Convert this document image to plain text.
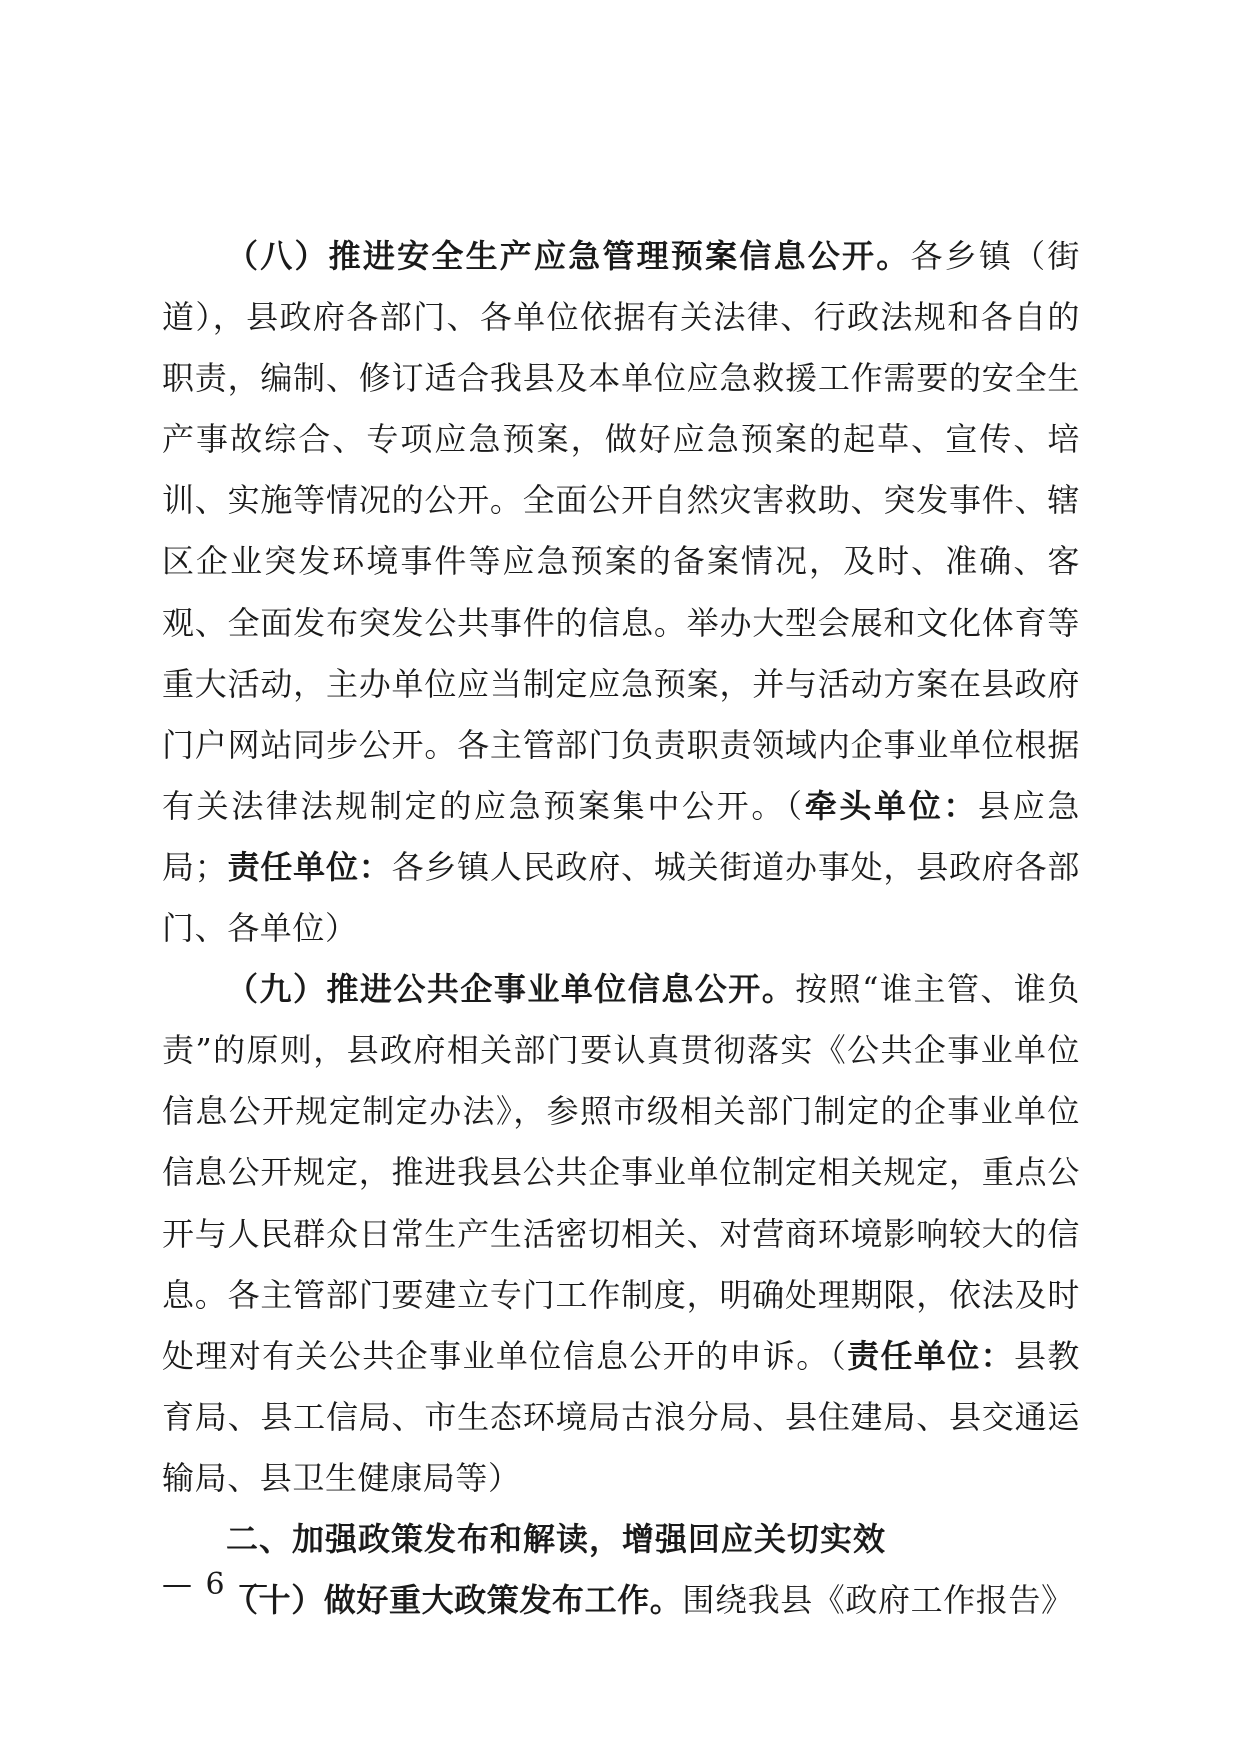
（八）推进安全生产应急管理预案信息公开。各乡镇（街道），县政府各部门、各单位依据有关法律、行政法规和各自的职责，编制、修订适合我县及本单位应急救援工作需要的安全生产事故综合、专项应急预案，做好应急预案的起草、宣传、培训、实施等情况的公开。全面公开自然灾害救助、突发事件、辖区企业突发环境事件等应急预案的备案情况，及时、准确、客观、全面发布突发公共事件的信息。举办大型会展和文化体育等重大活动，主办单位应当制定应急预案，并与活动方案在县政府门户网站同步公开。各主管部门负责职责领域内企事业单位根据有关法律法规制定的应急预案集中公开。（牵头单位：县应急局；责任单位：各乡镇人民政府、城关街道办事处，县政府各部门、各单位）

（九）推进公共企事业单位信息公开。按照“谁主管、谁负责”的原则，县政府相关部门要认真贯彻落实《公共企事业单位信息公开规定制定办法》，参照市级相关部门制定的企事业单位信息公开规定，推进我县公共企事业单位制定相关规定，重点公开与人民群众日常生产生活密切相关、对营商环境影响较大的信息。各主管部门要建立专门工作制度，明确处理期限，依法及时处理对有关公共企事业单位信息公开的申诉。（责任单位：县教育局、县工信局、市生态环境局古浪分局、县住建局、县交通运输局、县卫生健康局等）

二、加强政策发布和解读，增强回应关切实效

（十）做好重大政策发布工作。围绕我县《政府工作报告》

— 6 —
